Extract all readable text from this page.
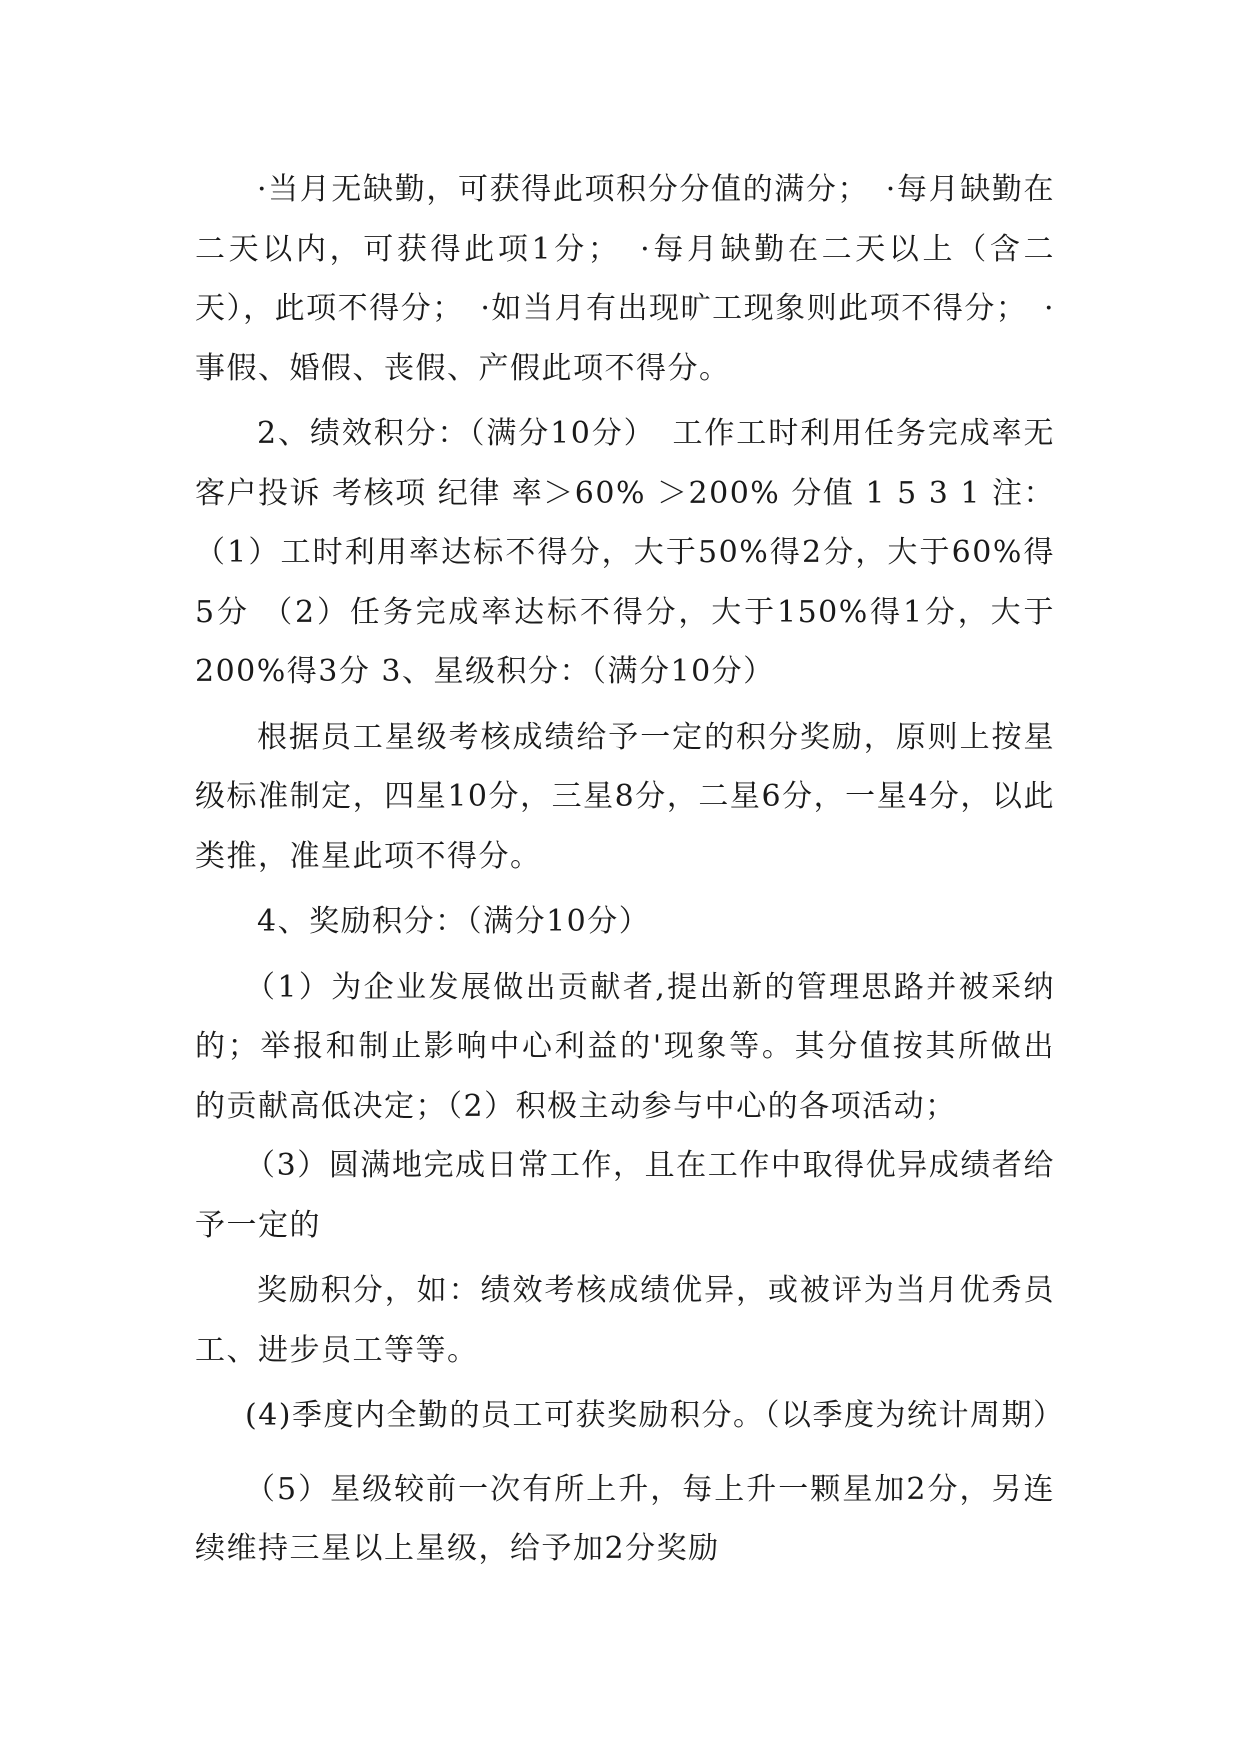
·当月无缺勤，可获得此项积分分值的满分；　·每月缺勤在二天以内，可获得此项1分；　·每月缺勤在二天以上（含二天），此项不得分；　·如当月有出现旷工现象则此项不得分；　·事假、婚假、丧假、产假此项不得分。

2、绩效积分：（满分10分）　工作工时利用任务完成率无客户投诉 考核项 纪律 率＞60% ＞200% 分值 1 5 3 1 注：（1）工时利用率达标不得分，大于50%得2分，大于60%得5分 （2）任务完成率达标不得分，大于150%得1分，大于200%得3分 3、星级积分：（满分10分）

根据员工星级考核成绩给予一定的积分奖励，原则上按星级标准制定，四星10分，三星8分，二星6分，一星4分，以此类推，准星此项不得分。

4、奖励积分：（满分10分）

（1）为企业发展做出贡献者,提出新的管理思路并被采纳的；举报和制止影响中心利益的'现象等。其分值按其所做出的贡献高低决定；（2）积极主动参与中心的各项活动；

（3）圆满地完成日常工作，且在工作中取得优异成绩者给予一定的

奖励积分，如：绩效考核成绩优异，或被评为当月优秀员工、进步员工等等。

(4)季度内全勤的员工可获奖励积分。（以季度为统计周期）

（5）星级较前一次有所上升，每上升一颗星加2分，另连续维持三星以上星级，给予加2分奖励
